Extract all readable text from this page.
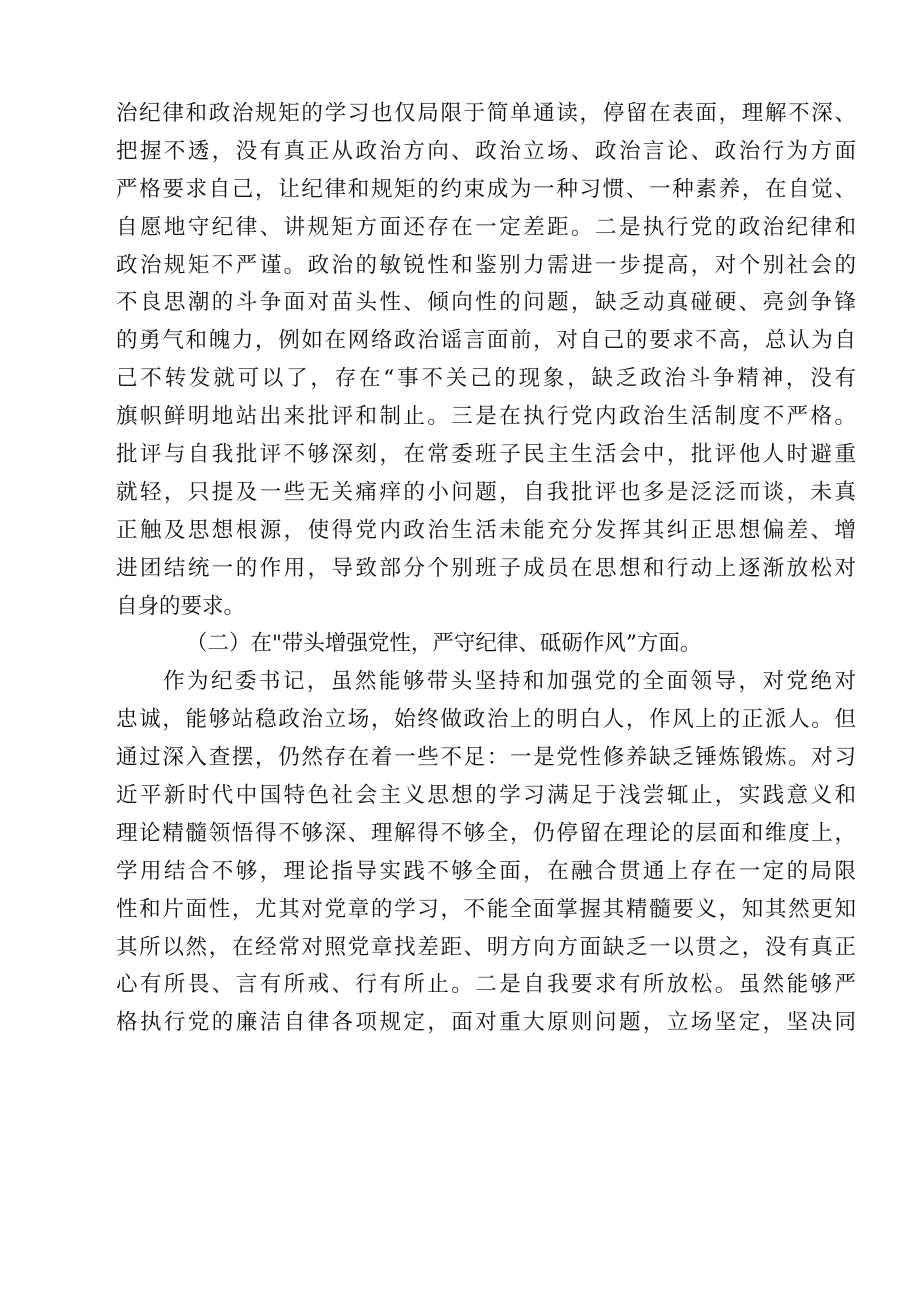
治纪律和政治规矩的学习也仅局限于简单通读，停留在表面，理解不深、
把握不透，没有真正从政治方向、政治立场、政治言论、政治行为方面
严格要求自己，让纪律和规矩的约束成为一种习惯、一种素养，在自觉、
自愿地守纪律、讲规矩方面还存在一定差距。二是执行党的政治纪律和
政治规矩不严谨。政治的敏锐性和鉴别力需进一步提高，对个别社会的
不良思潮的斗争面对苗头性、倾向性的问题，缺乏动真碰硬、亮剑争锋
的勇气和魄力，例如在网络政治谣言面前，对自己的要求不高，总认为自
己不转发就可以了，存在“事不关己的现象，缺乏政治斗争精神，没有
旗帜鲜明地站出来批评和制止。三是在执行党内政治生活制度不严格。
批评与自我批评不够深刻，在常委班子民主生活会中，批评他人时避重
就轻，只提及一些无关痛痒的小问题，自我批评也多是泛泛而谈，未真
正触及思想根源，使得党内政治生活未能充分发挥其纠正思想偏差、增
进团结统一的作用，导致部分个别班子成员在思想和行动上逐渐放松对
自身的要求。
（二）在"带头增强党性，严守纪律、砥砺作风”方面。
作为纪委书记，虽然能够带头坚持和加强党的全面领导，对党绝对
忠诚，能够站稳政治立场，始终做政治上的明白人，作风上的正派人。但
通过深入查摆，仍然存在着一些不足：一是党性修养缺乏锤炼锻炼。对习
近平新时代中国特色社会主义思想的学习满足于浅尝辄止，实践意义和
理论精髓领悟得不够深、理解得不够全，仍停留在理论的层面和维度上，
学用结合不够，理论指导实践不够全面，在融合贯通上存在一定的局限
性和片面性，尤其对党章的学习，不能全面掌握其精髓要义，知其然更知
其所以然，在经常对照党章找差距、明方向方面缺乏一以贯之，没有真正
心有所畏、言有所戒、行有所止。二是自我要求有所放松。虽然能够严
格执行党的廉洁自律各项规定，面对重大原则问题，立场坚定，坚决同
